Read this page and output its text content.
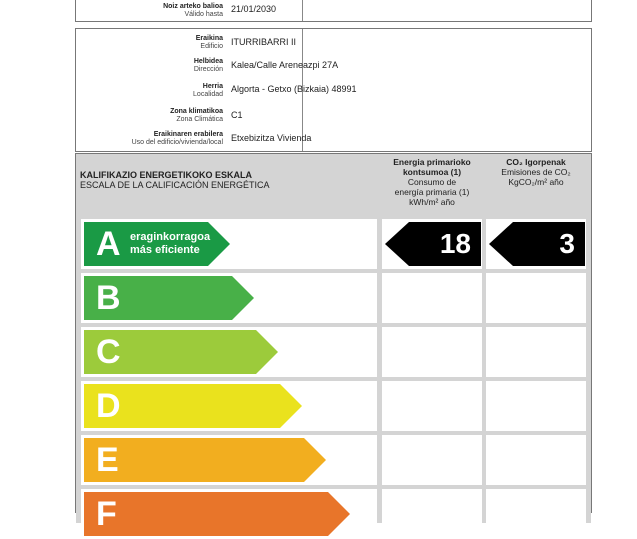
Noiz arteko balioa
Válido hasta
21/01/2030
Eraikina
Edificio ITURRIBARRI II
Helbidea
Dirección Kalea/Calle Areneazpi 27A
Herria
Localidad
Algorta - Getxo (Bizkaia) 48991
Zona klimatikoa
Zona Climática C1
Eraikinaren erabilera
Uso del edificio/vivienda/local Etxebizitza Vivienda
KALIFIKAZIO ENERGETIKOKO ESKALA
ESCALA DE LA CALIFICACIÓN ENERGÉTICA
Energia primarioko
kontsumoa (1)
Consumo de
energía primaria (1)
kWh/m² año
CO₂ Igorpenak
Emisiones de CO₂
KgCO₂/m² año
A eraginkorragoa
más eficiente	18	3
B
C
D
E
F
